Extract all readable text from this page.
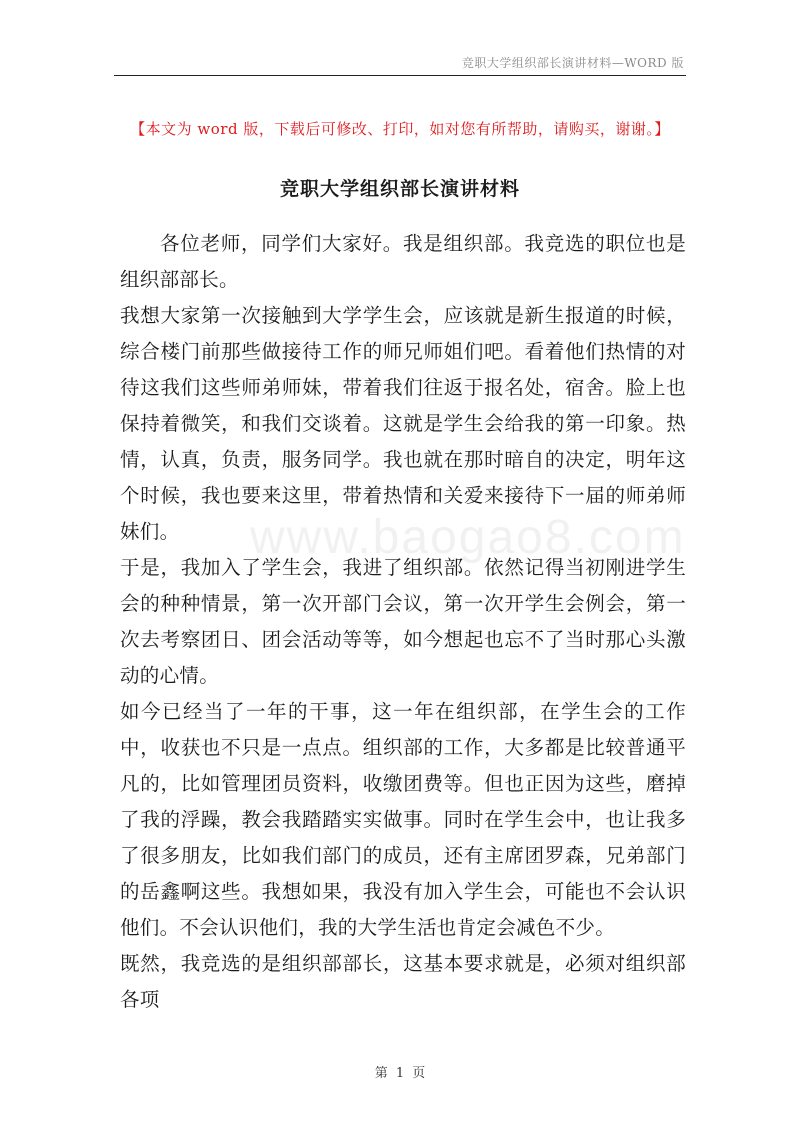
竞职大学组织部长演讲材料—WORD 版
【本文为 word 版，下载后可修改、打印，如对您有所帮助，请购买，谢谢。】
竞职大学组织部长演讲材料

各位老师，同学们大家好。我是组织部。我竞选的职位也是组织部部长。

我想大家第一次接触到大学学生会，应该就是新生报道的时候，综合楼门前那些做接待工作的师兄师姐们吧。看着他们热情的对待这我们这些师弟师妹，带着我们往返于报名处，宿舍。脸上也保持着微笑，和我们交谈着。这就是学生会给我的第一印象。热情，认真，负责，服务同学。我也就在那时暗自的决定，明年这个时候，我也要来这里，带着热情和关爱来接待下一届的师弟师妹们。

于是，我加入了学生会，我进了组织部。依然记得当初刚进学生会的种种情景，第一次开部门会议，第一次开学生会例会，第一次去考察团日、团会活动等等，如今想起也忘不了当时那心头激动的心情。

如今已经当了一年的干事，这一年在组织部，在学生会的工作中，收获也不只是一点点。组织部的工作，大多都是比较普通平凡的，比如管理团员资料，收缴团费等。但也正因为这些，磨掉了我的浮躁，教会我踏踏实实做事。同时在学生会中，也让我多了很多朋友，比如我们部门的成员，还有主席团罗森，兄弟部门的岳鑫啊这些。我想如果，我没有加入学生会，可能也不会认识他们。不会认识他们，我的大学生活也肯定会减色不少。

既然，我竞选的是组织部部长，这基本要求就是，必须对组织部各项

www.baogao8.com
第 1 页
